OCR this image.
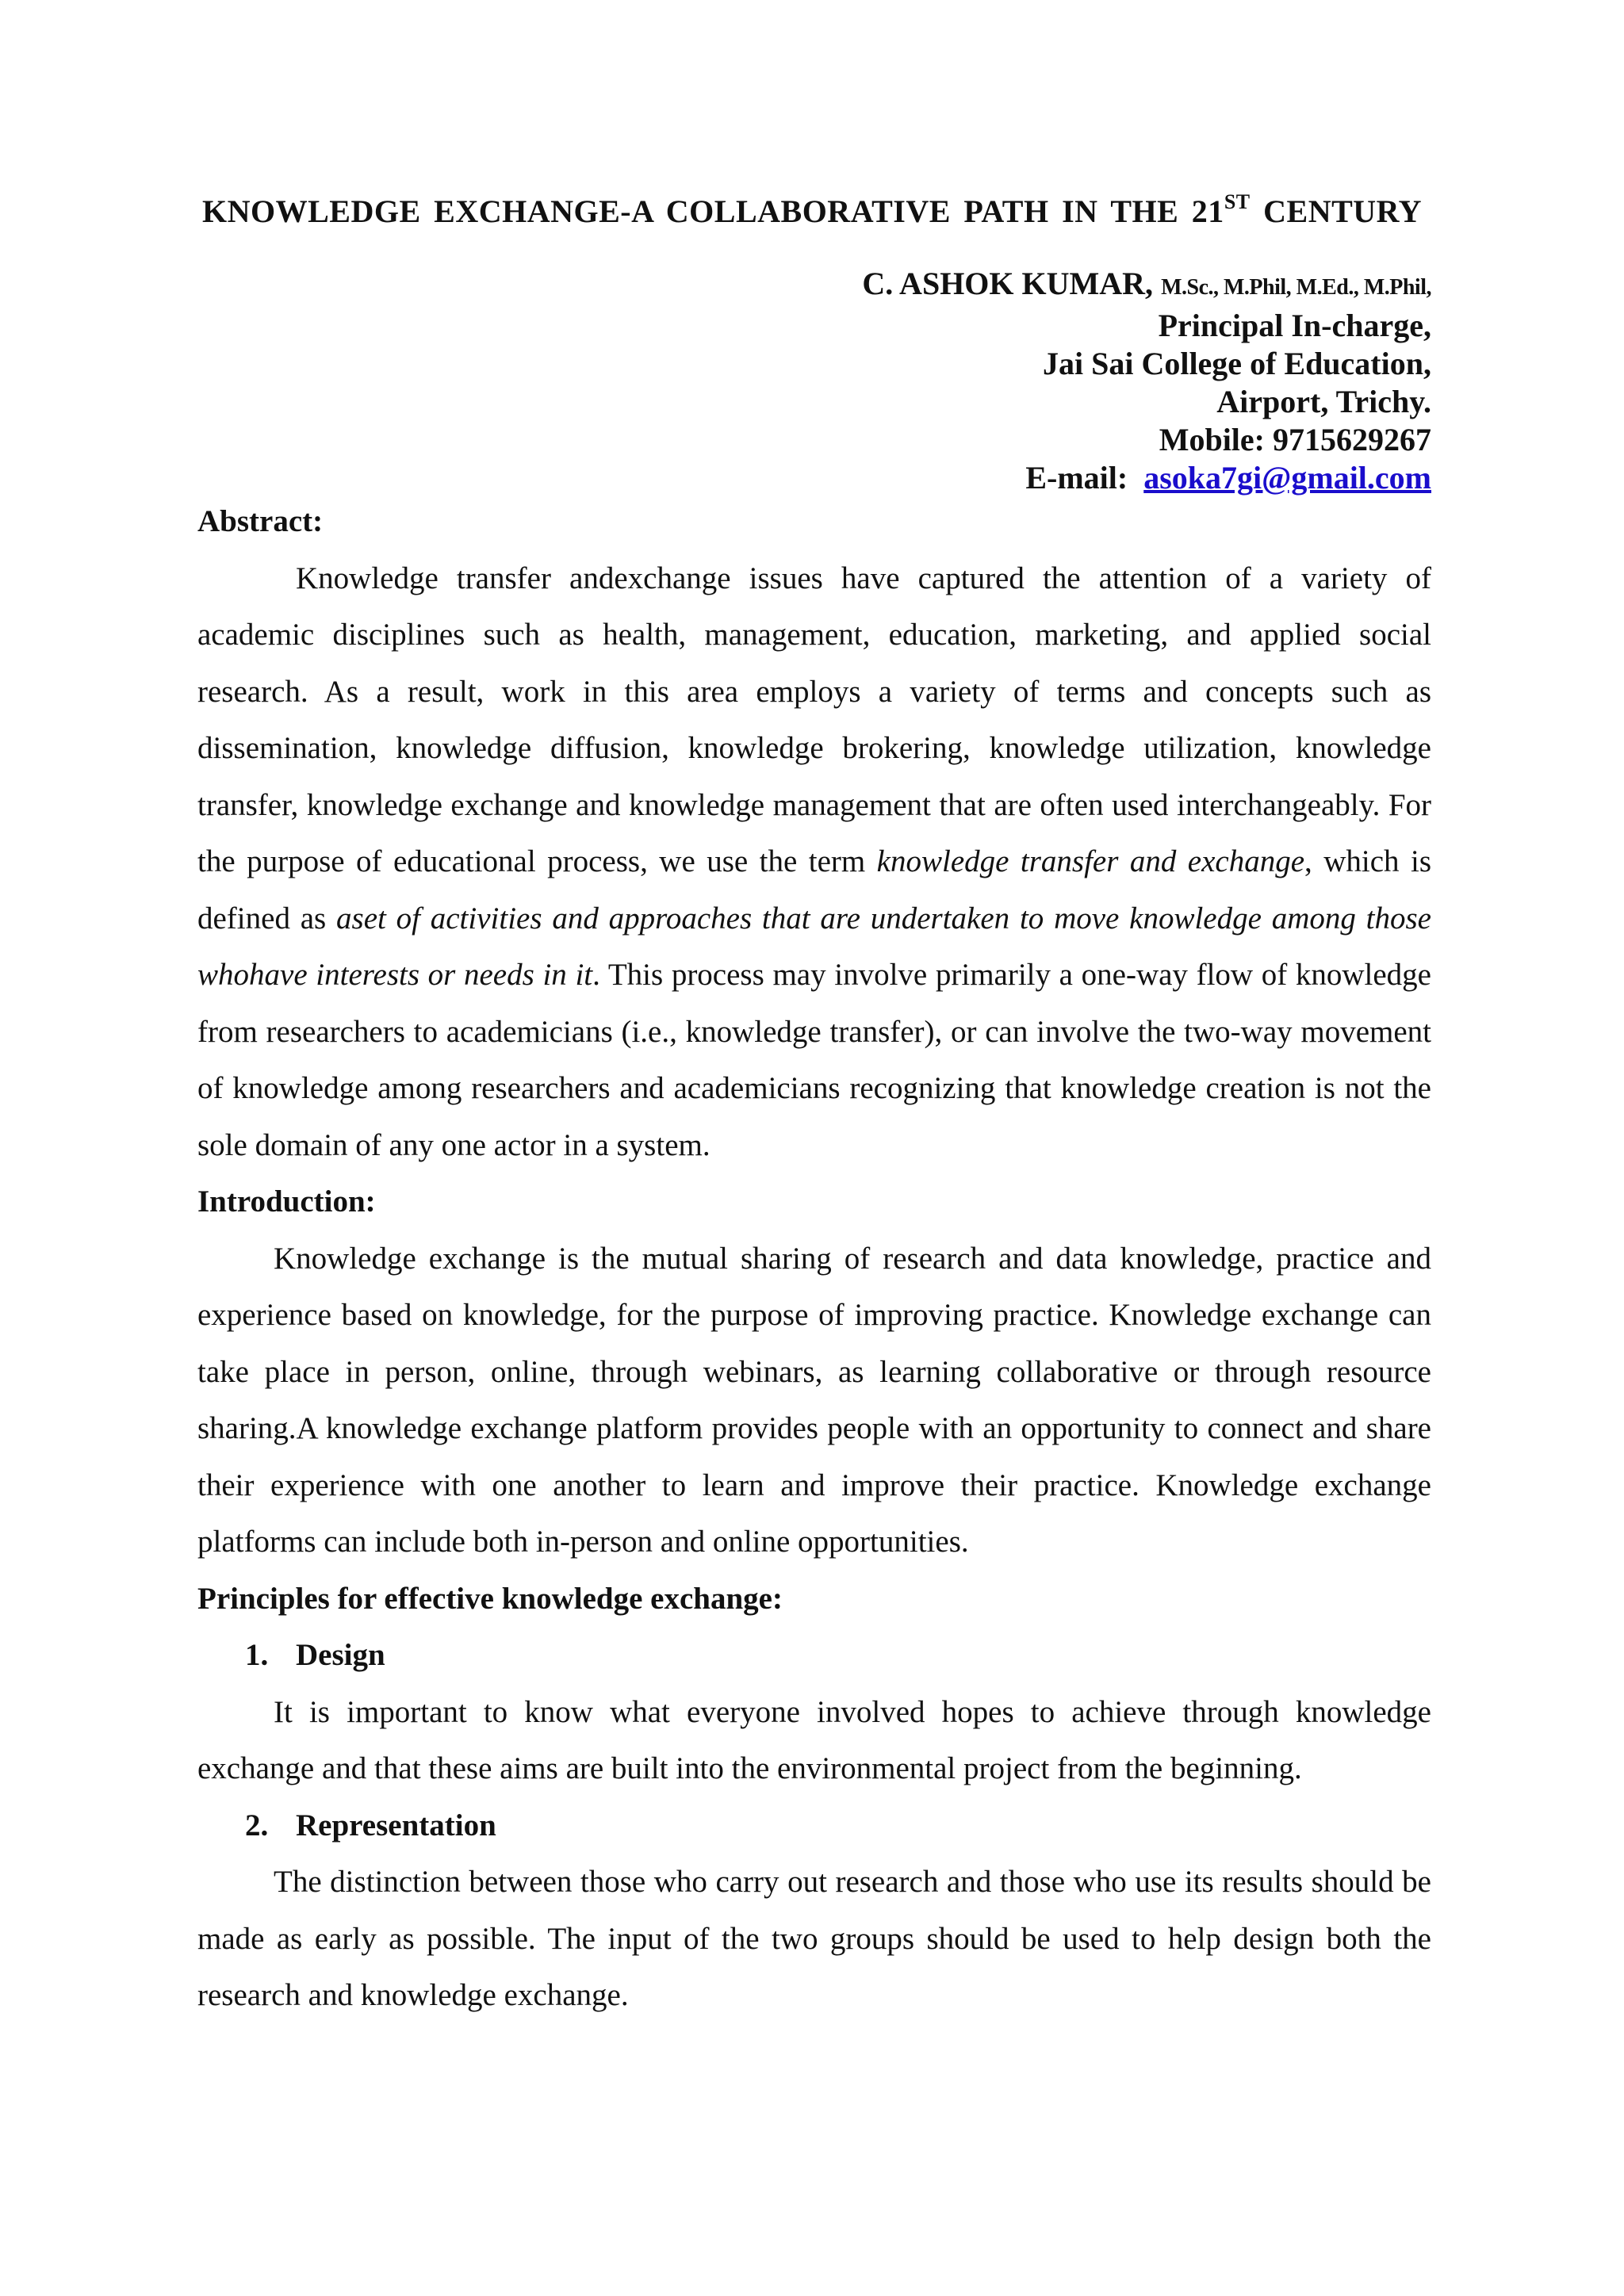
KNOWLEDGE EXCHANGE-A COLLABORATIVE PATH IN THE 21ST CENTURY
C. ASHOK KUMAR, M.Sc., M.Phil, M.Ed., M.Phil,
Principal In-charge,
Jai Sai College of Education,
Airport, Trichy.
Mobile: 9715629267
E-mail: asoka7gi@gmail.com

Abstract:

Knowledge transfer andexchange issues have captured the attention of a variety of academic disciplines such as health, management, education, marketing, and applied social research. As a result, work in this area employs a variety of terms and concepts such as dissemination, knowledge diffusion, knowledge brokering, knowledge utilization, knowledge transfer, knowledge exchange and knowledge management that are often used interchangeably. For the purpose of educational process, we use the term knowledge transfer and exchange, which is defined as aset of activities and approaches that are undertaken to move knowledge among those whohave interests or needs in it. This process may involve primarily a one-way flow of knowledge from researchers to academicians (i.e., knowledge transfer), or can involve the two-way movement of knowledge among researchers and academicians recognizing that knowledge creation is not the sole domain of any one actor in a system.

Introduction:

Knowledge exchange is the mutual sharing of research and data knowledge, practice and experience based on knowledge, for the purpose of improving practice. Knowledge exchange can take place in person, online, through webinars, as learning collaborative or through resource sharing.A knowledge exchange platform provides people with an opportunity to connect and share their experience with one another to learn and improve their practice. Knowledge exchange platforms can include both in-person and online opportunities.

Principles for effective knowledge exchange:

1. Design

It is important to know what everyone involved hopes to achieve through knowledge exchange and that these aims are built into the environmental project from the beginning.

2. Representation

The distinction between those who carry out research and those who use its results should be made as early as possible. The input of the two groups should be used to help design both the research and knowledge exchange.
